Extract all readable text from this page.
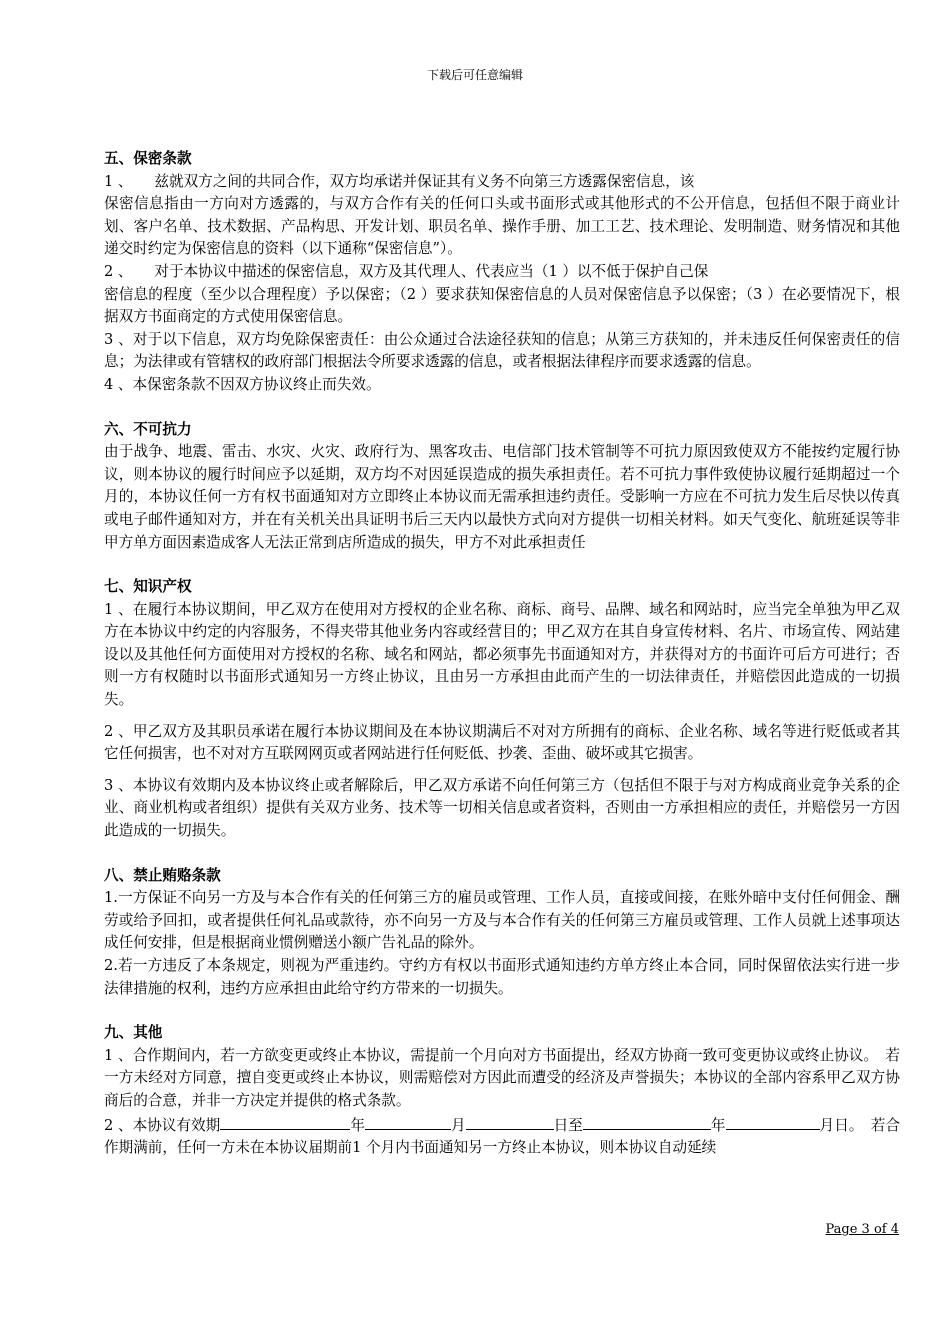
下载后可任意编辑
五、保密条款

1 、　　兹就双方之间的共同合作，双方均承诺并保证其有义务不向第三方透露保密信息，该

保密信息指由一方向对方透露的，与双方合作有关的任何口头或书面形式或其他形式的不公开信息，包括但不限于商业计划、客户名单、技术数据、产品构思、开发计划、职员名单、操作手册、加工工艺、技术理论、发明制造、财务情况和其他递交时约定为保密信息的资料（以下通称“保密信息”）。

2 、　　对于本协议中描述的保密信息，双方及其代理人、代表应当（1 ）以不低于保护自己保

密信息的程度（至少以合理程度）予以保密；（2 ）要求获知保密信息的人员对保密信息予以保密；（3 ）在必要情况下，根据双方书面商定的方式使用保密信息。

3 、对于以下信息，双方均免除保密责任：由公众通过合法途径获知的信息；从第三方获知的，并未违反任何保密责任的信息；为法律或有管辖权的政府部门根据法令所要求透露的信息，或者根据法律程序而要求透露的信息。

4 、本保密条款不因双方协议终止而失效。

六、不可抗力

由于战争、地震、雷击、水灾、火灾、政府行为、黑客攻击、电信部门技术管制等不可抗力原因致使双方不能按约定履行协议，则本协议的履行时间应予以延期，双方均不对因延误造成的损失承担责任。若不可抗力事件致使协议履行延期超过一个月的，本协议任何一方有权书面通知对方立即终止本协议而无需承担违约责任。受影响一方应在不可抗力发生后尽快以传真或电子邮件通知对方，并在有关机关出具证明书后三天内以最快方式向对方提供一切相关材料。如天气变化、航班延误等非甲方单方面因素造成客人无法正常到店所造成的损失，甲方不对此承担责任

七、知识产权

1 、在履行本协议期间，甲乙双方在使用对方授权的企业名称、商标、商号、品牌、域名和网站时，应当完全单独为甲乙双方在本协议中约定的内容服务，不得夹带其他业务内容或经营目的；甲乙双方在其自身宣传材料、名片、市场宣传、网站建设以及其他任何方面使用对方授权的名称、域名和网站，都必须事先书面通知对方，并获得对方的书面许可后方可进行；否则一方有权随时以书面形式通知另一方终止协议，且由另一方承担由此而产生的一切法律责任，并赔偿因此造成的一切损失。

2 、甲乙双方及其职员承诺在履行本协议期间及在本协议期满后不对对方所拥有的商标、企业名称、域名等进行贬低或者其它任何损害，也不对对方互联网网页或者网站进行任何贬低、抄袭、歪曲、破坏或其它损害。

3 、本协议有效期内及本协议终止或者解除后，甲乙双方承诺不向任何第三方（包括但不限于与对方构成商业竞争关系的企业、商业机构或者组织）提供有关双方业务、技术等一切相关信息或者资料，否则由一方承担相应的责任，并赔偿另一方因此造成的一切损失。

八、禁止贿赂条款

1.一方保证不向另一方及与本合作有关的任何第三方的雇员或管理、工作人员，直接或间接，在账外暗中支付任何佣金、酬劳或给予回扣，或者提供任何礼品或款待，亦不向另一方及与本合作有关的任何第三方雇员或管理、工作人员就上述事项达成任何安排，但是根据商业惯例赠送小额广告礼品的除外。

2.若一方违反了本条规定，则视为严重违约。守约方有权以书面形式通知违约方单方终止本合同，同时保留依法实行进一步法律措施的权利，违约方应承担由此给守约方带来的一切损失。

九、其他

1 、合作期间内，若一方欲变更或终止本协议，需提前一个月向对方书面提出，经双方协商一致可变更协议或终止协议。　若一方未经对方同意，擅自变更或终止本协议，则需赔偿对方因此而遭受的经济及声誉损失；本协议的全部内容系甲乙双方协商后的合意，并非一方决定并提供的格式条款。

2 、本协议有效期	年	月	日至	年	月日。　若合作期满前，任何一方未在本协议届期前1 个月内书面通知另一方终止本协议，则本协议自动延续

Page 3 of 4
